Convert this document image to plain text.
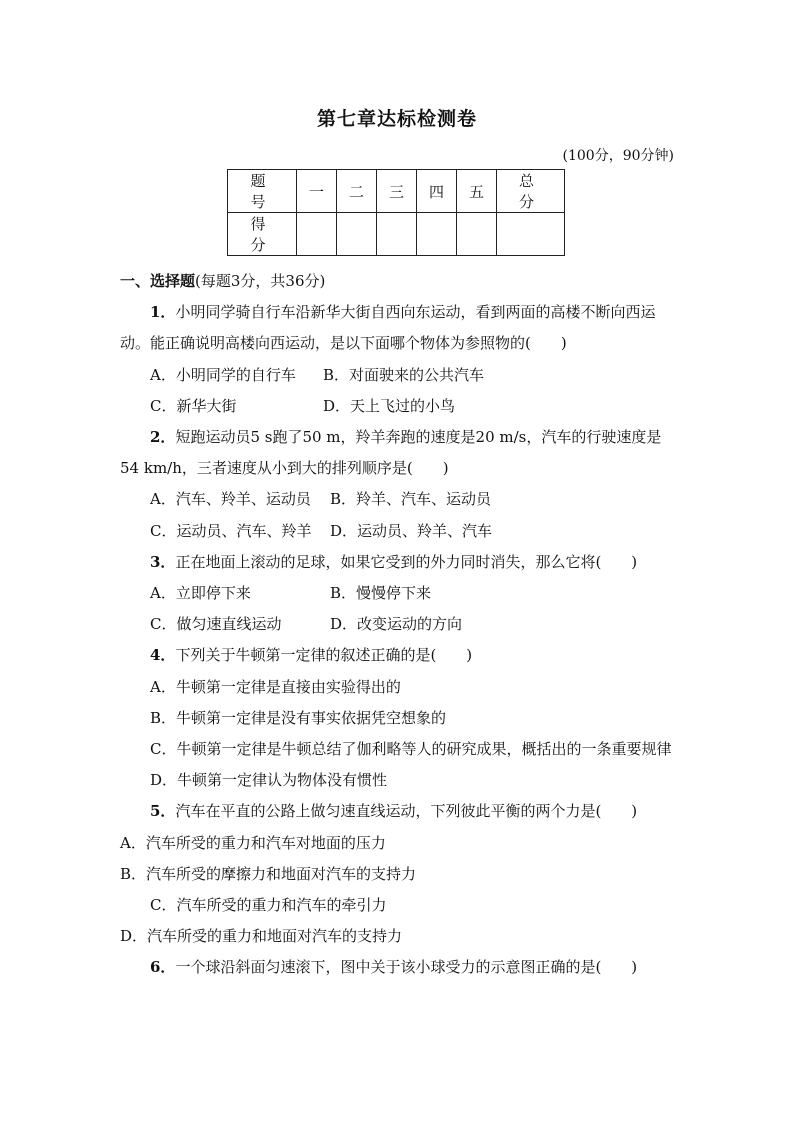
第七章达标检测卷
(100分，90分钟)
题　号	一	二	三	四	五	总　分
得　分						

一、选择题(每题3分，共36分)

1．小明同学骑自行车沿新华大街自西向东运动，看到两面的高楼不断向西运动。能正确说明高楼向西运动，是以下面哪个物体为参照物的(　　)

A．小明同学的自行车	B．对面驶来的公共汽车

C．新华大街	D．天上飞过的小鸟

2．短跑运动员5 s跑了50 m，羚羊奔跑的速度是20 m/s，汽车的行驶速度是54 km/h，三者速度从小到大的排列顺序是(　　)

A．汽车、羚羊、运动员	B．羚羊、汽车、运动员

C．运动员、汽车、羚羊	D．运动员、羚羊、汽车

3．正在地面上滚动的足球，如果它受到的外力同时消失，那么它将(　　)

A．立即停下来	B．慢慢停下来

C．做匀速直线运动	D．改变运动的方向

4．下列关于牛顿第一定律的叙述正确的是(　　)

A．牛顿第一定律是直接由实验得出的

B．牛顿第一定律是没有事实依据凭空想象的

C．牛顿第一定律是牛顿总结了伽利略等人的研究成果，概括出的一条重要规律

D．牛顿第一定律认为物体没有惯性

5．汽车在平直的公路上做匀速直线运动，下列彼此平衡的两个力是(　　)

A．汽车所受的重力和汽车对地面的压力

B．汽车所受的摩擦力和地面对汽车的支持力

C．汽车所受的重力和汽车的牵引力

D．汽车所受的重力和地面对汽车的支持力

6．一个球沿斜面匀速滚下，图中关于该小球受力的示意图正确的是(　　)
